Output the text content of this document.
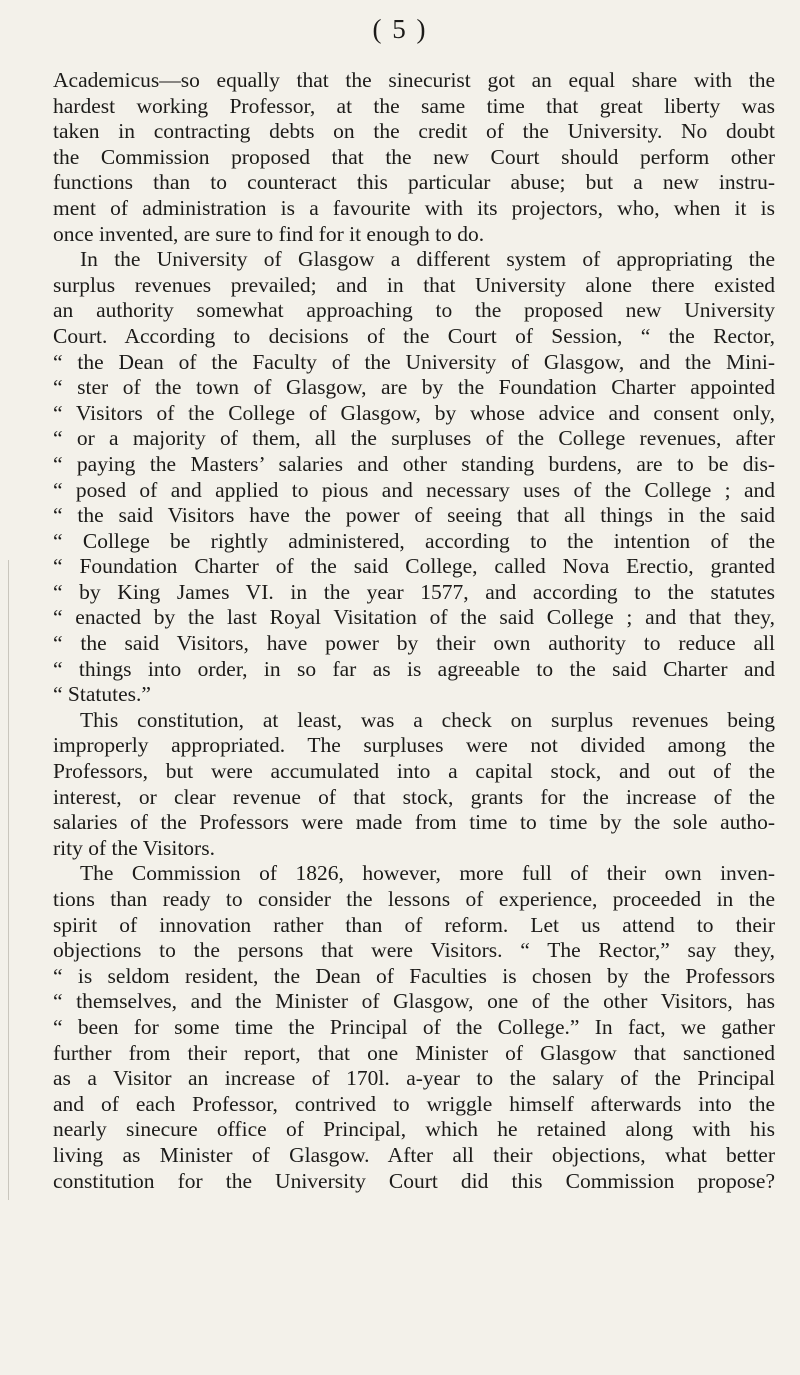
( 5 )
Academicus—so equally that the sinecurist got an equal share with the
hardest working Professor, at the same time that great liberty was
taken in contracting debts on the credit of the University. No doubt
the Commission proposed that the new Court should perform other
functions than to counteract this particular abuse; but a new instru-
ment of administration is a favourite with its projectors, who, when it is
once invented, are sure to find for it enough to do.
In the University of Glasgow a different system of appropriating the
surplus revenues prevailed; and in that University alone there existed
an authority somewhat approaching to the proposed new University
Court. According to decisions of the Court of Session, “ the Rector,
“ the Dean of the Faculty of the University of Glasgow, and the Mini-
“ ster of the town of Glasgow, are by the Foundation Charter appointed
“ Visitors of the College of Glasgow, by whose advice and consent only,
“ or a majority of them, all the surpluses of the College revenues, after
“ paying the Masters’ salaries and other standing burdens, are to be dis-
“ posed of and applied to pious and necessary uses of the College ; and
“ the said Visitors have the power of seeing that all things in the said
“ College be rightly administered, according to the intention of the
“ Foundation Charter of the said College, called Nova Erectio, granted
“ by King James VI. in the year 1577, and according to the statutes
“ enacted by the last Royal Visitation of the said College ; and that they,
“ the said Visitors, have power by their own authority to reduce all
“ things into order, in so far as is agreeable to the said Charter and
“ Statutes.”
This constitution, at least, was a check on surplus revenues being
improperly appropriated. The surpluses were not divided among the
Professors, but were accumulated into a capital stock, and out of the
interest, or clear revenue of that stock, grants for the increase of the
salaries of the Professors were made from time to time by the sole autho-
rity of the Visitors.
The Commission of 1826, however, more full of their own inven-
tions than ready to consider the lessons of experience, proceeded in the
spirit of innovation rather than of reform. Let us attend to their
objections to the persons that were Visitors. “ The Rector,” say they,
“ is seldom resident, the Dean of Faculties is chosen by the Professors
“ themselves, and the Minister of Glasgow, one of the other Visitors, has
“ been for some time the Principal of the College.” In fact, we gather
further from their report, that one Minister of Glasgow that sanctioned
as a Visitor an increase of 170l. a-year to the salary of the Principal
and of each Professor, contrived to wriggle himself afterwards into the
nearly sinecure office of Principal, which he retained along with his
living as Minister of Glasgow. After all their objections, what better
constitution for the University Court did this Commission propose?
